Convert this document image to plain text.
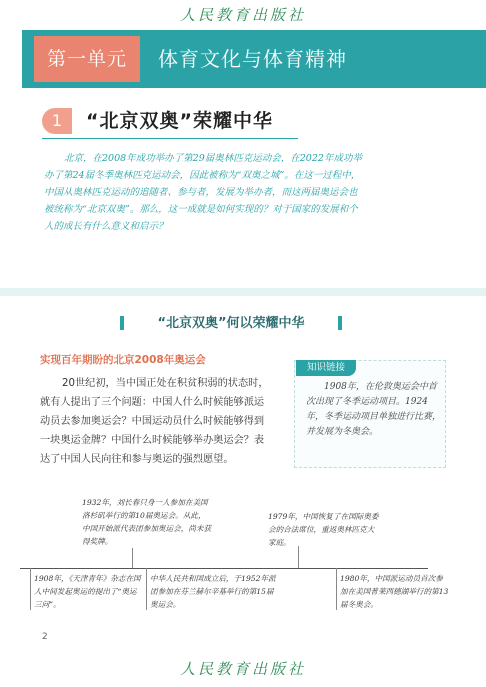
人民教育出版社
第一单元	体育文化与体育精神
1	“北京双奥”荣耀中华

北京，在2008年成功举办了第29届奥林匹克运动会，在2022年成功举办了第24届冬季奥林匹克运动会，因此被称为“双奥之城”。在这一过程中，中国从奥林匹克运动的追随者、参与者，发展为举办者，而这两届奥运会也被统称为“北京双奥”。那么，这一成就是如何实现的？对于国家的发展和个人的成长有什么意义和启示？

“北京双奥”何以荣耀中华
实现百年期盼的北京2008年奥运会

20世纪初，当中国正处在积贫积弱的状态时，就有人提出了三个问题：中国人什么时候能够派运动员去参加奥运会？中国运动员什么时候能够得到一块奥运金牌？中国什么时候能够举办奥运会？表达了中国人民向往和参与奥运的强烈愿望。

知识链接

1908年，在伦敦奥运会中首次出现了冬季运动项目。1924年，冬季运动项目单独进行比赛，并发展为冬奥会。

1932年，刘长春只身一人参加在美国洛杉矶举行的第10届奥运会。从此，中国开始派代表团参加奥运会，尚未获得奖牌。

1979年，中国恢复了在国际奥委会的合法席位，重返奥林匹克大家庭。

1908年，《天津青年》杂志在国人中间发起奥运的提出了“奥运三问”。

中华人民共和国成立后，于1952年派团参加在芬兰赫尔辛基举行的第15届奥运会。

1980年，中国派运动员首次参加在美国普莱西德湖举行的第13届冬奥会。

2
人民教育出版社
